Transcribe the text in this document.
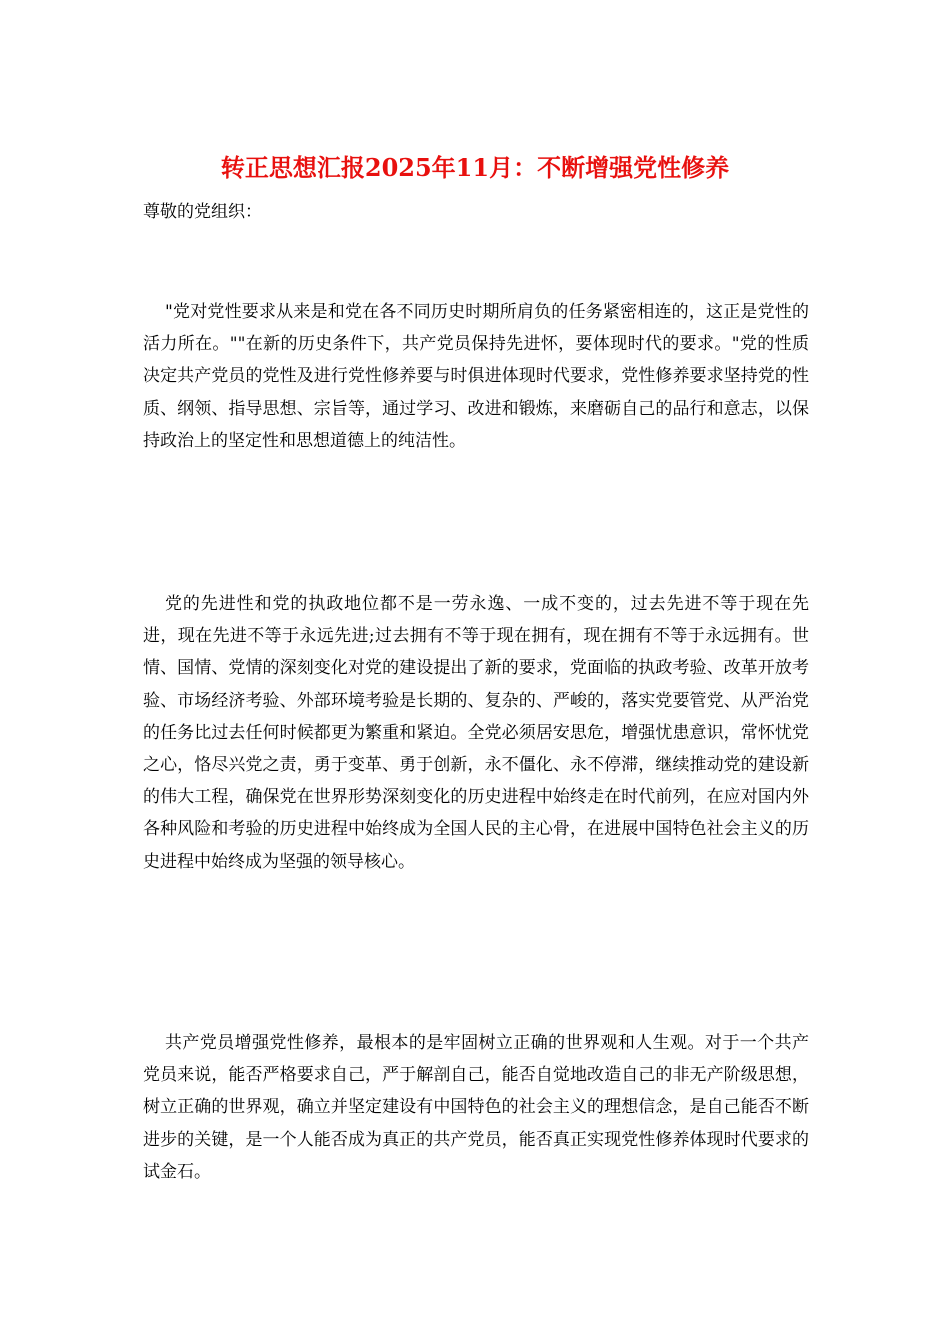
转正思想汇报2025年11月：不断增强党性修养
尊敬的党组织：
"党对党性要求从来是和党在各不同历史时期所肩负的任务紧密相连的，这正是党性的活力所在。""在新的历史条件下，共产党员保持先进怀，要体现时代的要求。"党的性质决定共产党员的党性及进行党性修养要与时俱进体现时代要求，党性修养要求坚持党的性质、纲领、指导思想、宗旨等，通过学习、改进和锻炼，来磨砺自己的品行和意志，以保持政治上的坚定性和思想道德上的纯洁性。
党的先进性和党的执政地位都不是一劳永逸、一成不变的，过去先进不等于现在先进，现在先进不等于永远先进;过去拥有不等于现在拥有，现在拥有不等于永远拥有。世情、国情、党情的深刻变化对党的建设提出了新的要求，党面临的执政考验、改革开放考验、市场经济考验、外部环境考验是长期的、复杂的、严峻的，落实党要管党、从严治党的任务比过去任何时候都更为繁重和紧迫。全党必须居安思危，增强忧患意识，常怀忧党之心，恪尽兴党之责，勇于变革、勇于创新，永不僵化、永不停滞，继续推动党的建设新的伟大工程，确保党在世界形势深刻变化的历史进程中始终走在时代前列，在应对国内外各种风险和考验的历史进程中始终成为全国人民的主心骨，在进展中国特色社会主义的历史进程中始终成为坚强的领导核心。
共产党员增强党性修养，最根本的是牢固树立正确的世界观和人生观。对于一个共产党员来说，能否严格要求自己，严于解剖自己，能否自觉地改造自己的非无产阶级思想，树立正确的世界观，确立并坚定建设有中国特色的社会主义的理想信念，是自己能否不断进步的关键，是一个人能否成为真正的共产党员，能否真正实现党性修养体现时代要求的试金石。
